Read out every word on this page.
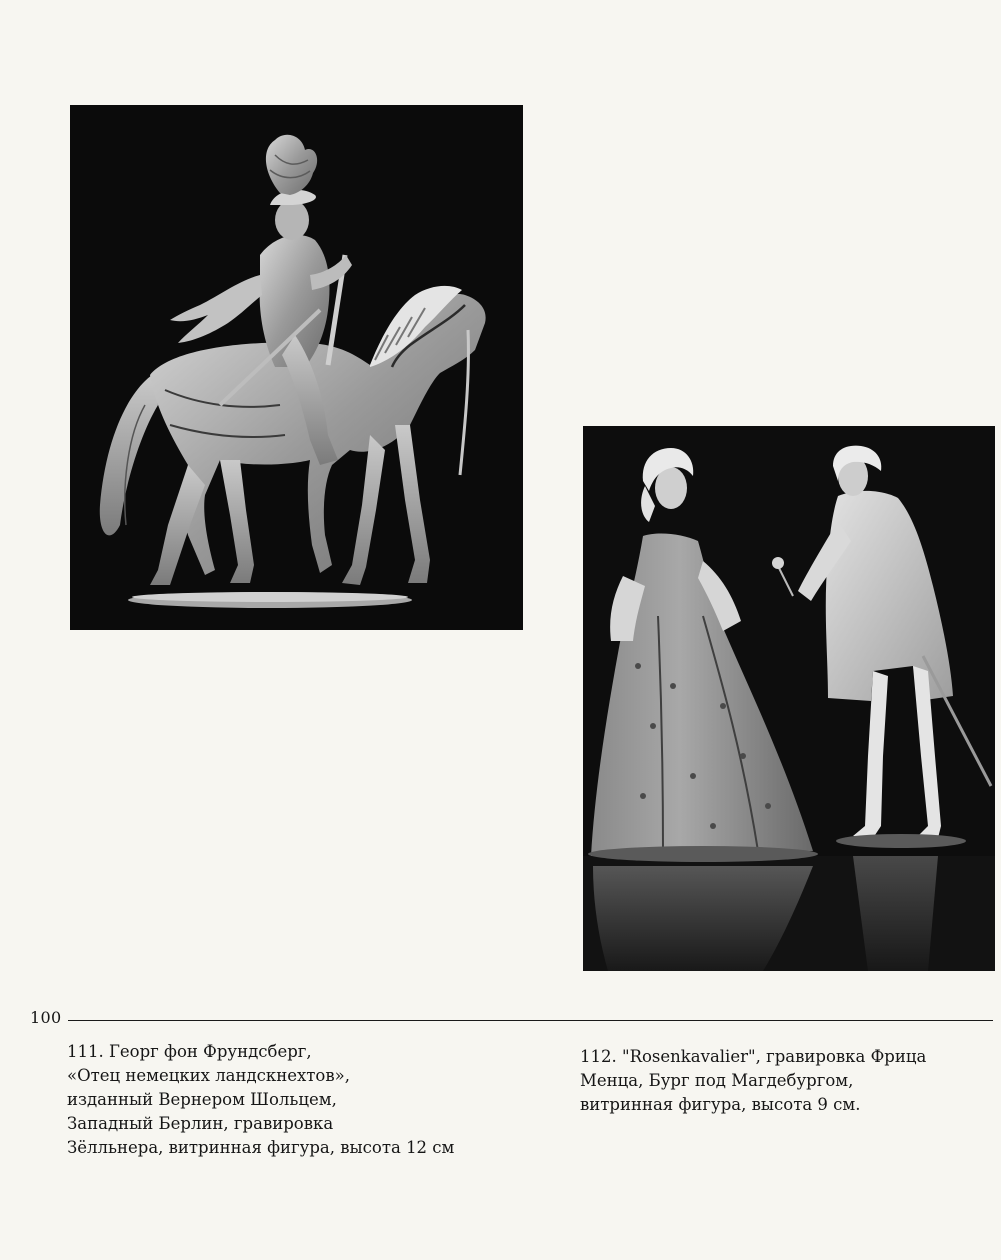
100

111. Георг фон Фрундсберг,
«Отец немецких ландскнехтов»,
изданный Вернером Шольцем,
Западный Берлин, гравировка
Зёлльнера, витринная фигура, высота 12 см

112. "Rosenkavalier", гравировка Фрица
Менца, Бург под Магдебургом,
витринная фигура, высота 9 см.
